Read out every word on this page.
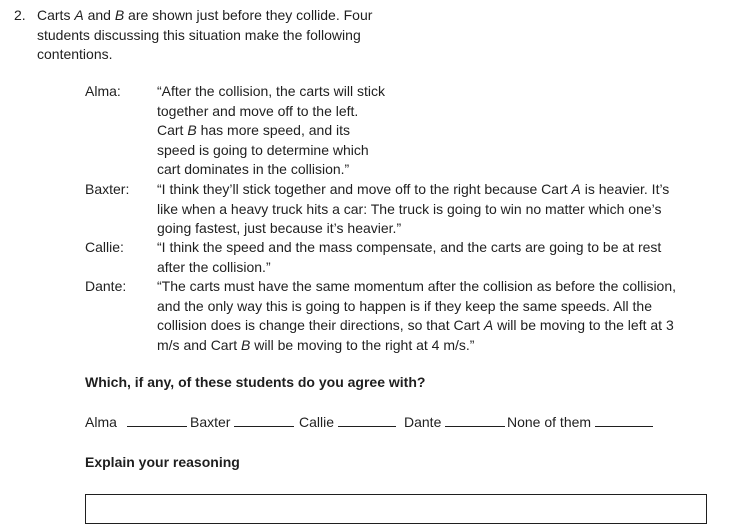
2. Carts A and B are shown just before they collide. Four
students discussing this situation make the following
contentions.
Alma:	“After the collision, the carts will stick
together and move off to the left.
Cart B has more speed, and its
speed is going to determine which
cart dominates in the collision.”
Baxter: “I think they’ll stick together and move off to the right because Cart A is heavier. It’s
like when a heavy truck hits a car: The truck is going to win no matter which one’s
going fastest, just because it’s heavier.”
Callie: “I think the speed and the mass compensate, and the carts are going to be at rest
after the collision.”
Dante: “The carts must have the same momentum after the collision as before the collision,
and the only way this is going to happen is if they keep the same speeds. All the
collision does is change their directions, so that Cart A will be moving to the left at 3
m/s and Cart B will be moving to the right at 4 m/s.”
Which, if any, of these students do you agree with?
Alma	Baxter	Callie	Dante	None of them
Explain your reasoning
